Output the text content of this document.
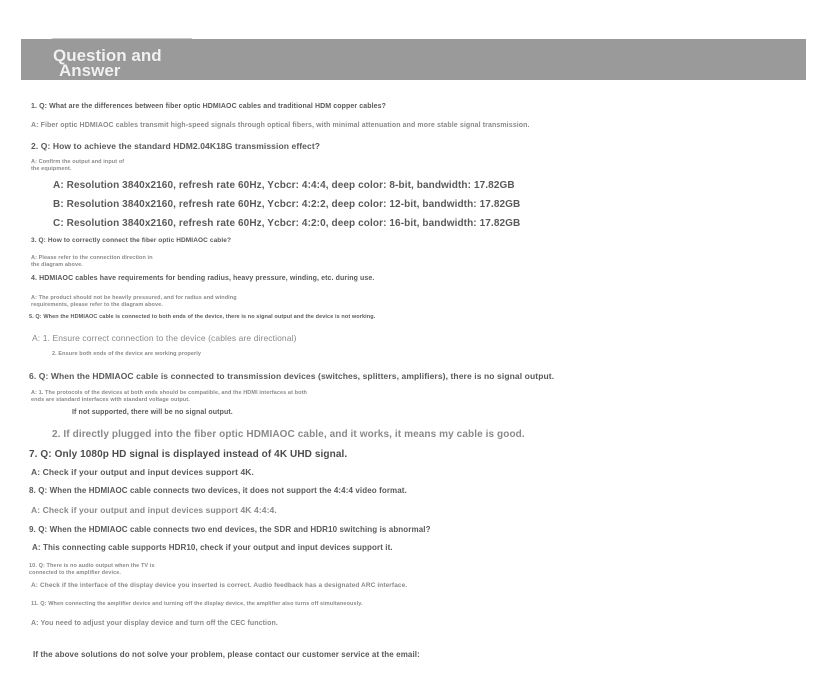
Question and
Answer
1. Q: What are the differences between fiber optic HDMIAOC cables and traditional HDM copper cables?
A: Fiber optic HDMIAOC cables transmit high-speed signals through optical fibers, with minimal attenuation and more stable signal transmission.
2. Q: How to achieve the standard HDM2.04K18G transmission effect?
A: Confirm the output and input of the equipment.
A: Resolution 3840x2160, refresh rate 60Hz, Ycbcr: 4:4:4, deep color: 8-bit, bandwidth: 17.82GB
B: Resolution 3840x2160, refresh rate 60Hz, Ycbcr: 4:2:2, deep color: 12-bit, bandwidth: 17.82GB
C: Resolution 3840x2160, refresh rate 60Hz, Ycbcr: 4:2:0, deep color: 16-bit, bandwidth: 17.82GB
3. Q: How to correctly connect the fiber optic HDMIAOC cable?
A: Please refer to the connection direction in the diagram above.
4. HDMIAOC cables have requirements for bending radius, heavy pressure, winding, etc. during use.
A: The product should not be heavily pressured, and for radius and winding requirements, please refer to the diagram above.
5. Q: When the HDMIAOC cable is connected to both ends of the device, there is no signal output and the device is not working.
A: 1. Ensure correct connection to the device (cables are directional)
2. Ensure both ends of the device are working properly
6. Q: When the HDMIAOC cable is connected to transmission devices (switches, splitters, amplifiers), there is no signal output.
A: 1. The protocols of the devices at both ends should be compatible, and the HDMI interfaces at both ends are standard interfaces with standard voltage output.
If not supported, there will be no signal output.
2. If directly plugged into the fiber optic HDMIAOC cable, and it works, it means my cable is good.
7. Q: Only 1080p HD signal is displayed instead of 4K UHD signal.
A: Check if your output and input devices support 4K.
8. Q: When the HDMIAOC cable connects two devices, it does not support the 4:4:4 video format.
A: Check if your output and input devices support 4K 4:4:4.
9. Q: When the HDMIAOC cable connects two end devices, the SDR and HDR10 switching is abnormal?
A: This connecting cable supports HDR10, check if your output and input devices support it.
10. Q: There is no audio output when the TV is connected to the amplifier device.
A: Check if the interface of the display device you inserted is correct. Audio feedback has a designated ARC interface.
11. Q: When connecting the amplifier device and turning off the display device, the amplifier also turns off simultaneously.
A: You need to adjust your display device and turn off the CEC function.
If the above solutions do not solve your problem, please contact our customer service at the email:
